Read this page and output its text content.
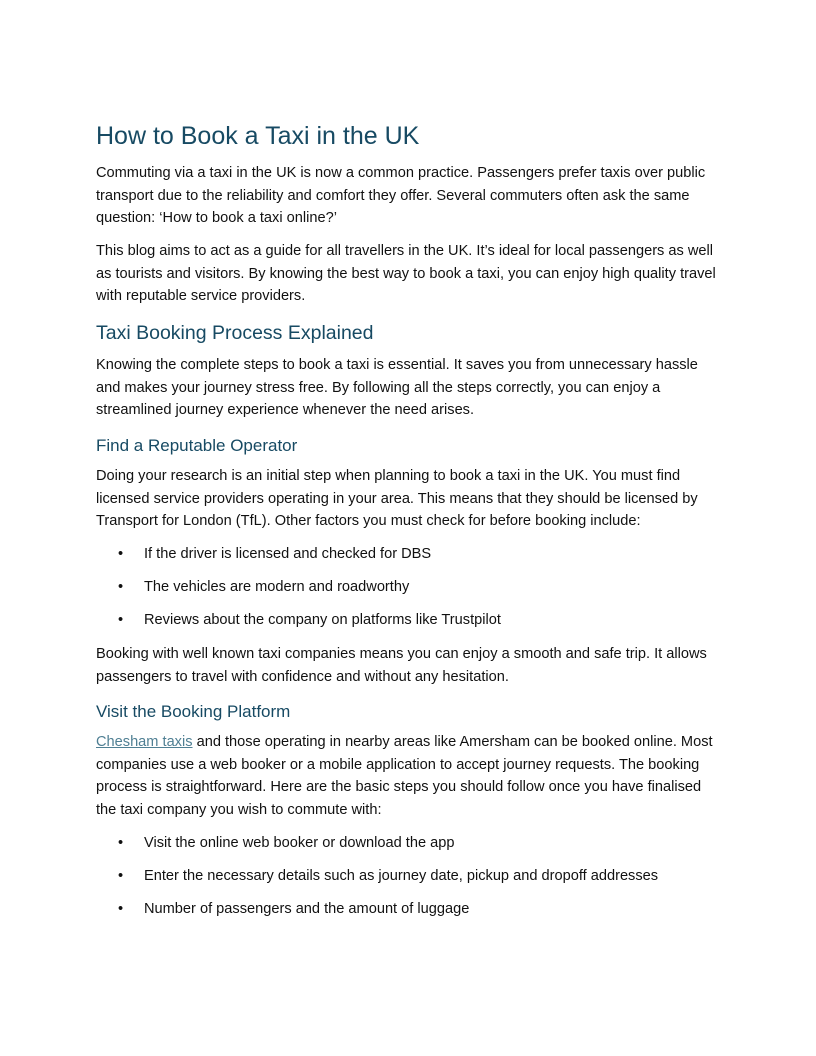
How to Book a Taxi in the UK

Commuting via a taxi in the UK is now a common practice. Passengers prefer taxis over public transport due to the reliability and comfort they offer. Several commuters often ask the same question: ‘How to book a taxi online?’

This blog aims to act as a guide for all travellers in the UK. It’s ideal for local passengers as well as tourists and visitors. By knowing the best way to book a taxi, you can enjoy high quality travel with reputable service providers.

Taxi Booking Process Explained

Knowing the complete steps to book a taxi is essential. It saves you from unnecessary hassle and makes your journey stress free. By following all the steps correctly, you can enjoy a streamlined journey experience whenever the need arises.

Find a Reputable Operator

Doing your research is an initial step when planning to book a taxi in the UK. You must find licensed service providers operating in your area. This means that they should be licensed by Transport for London (TfL). Other factors you must check for before booking include:

• If the driver is licensed and checked for DBS
• The vehicles are modern and roadworthy
• Reviews about the company on platforms like Trustpilot

Booking with well known taxi companies means you can enjoy a smooth and safe trip. It allows passengers to travel with confidence and without any hesitation.

Visit the Booking Platform

Chesham taxis and those operating in nearby areas like Amersham can be booked online. Most companies use a web booker or a mobile application to accept journey requests. The booking process is straightforward. Here are the basic steps you should follow once you have finalised the taxi company you wish to commute with:

• Visit the online web booker or download the app
• Enter the necessary details such as journey date, pickup and dropoff addresses
• Number of passengers and the amount of luggage
